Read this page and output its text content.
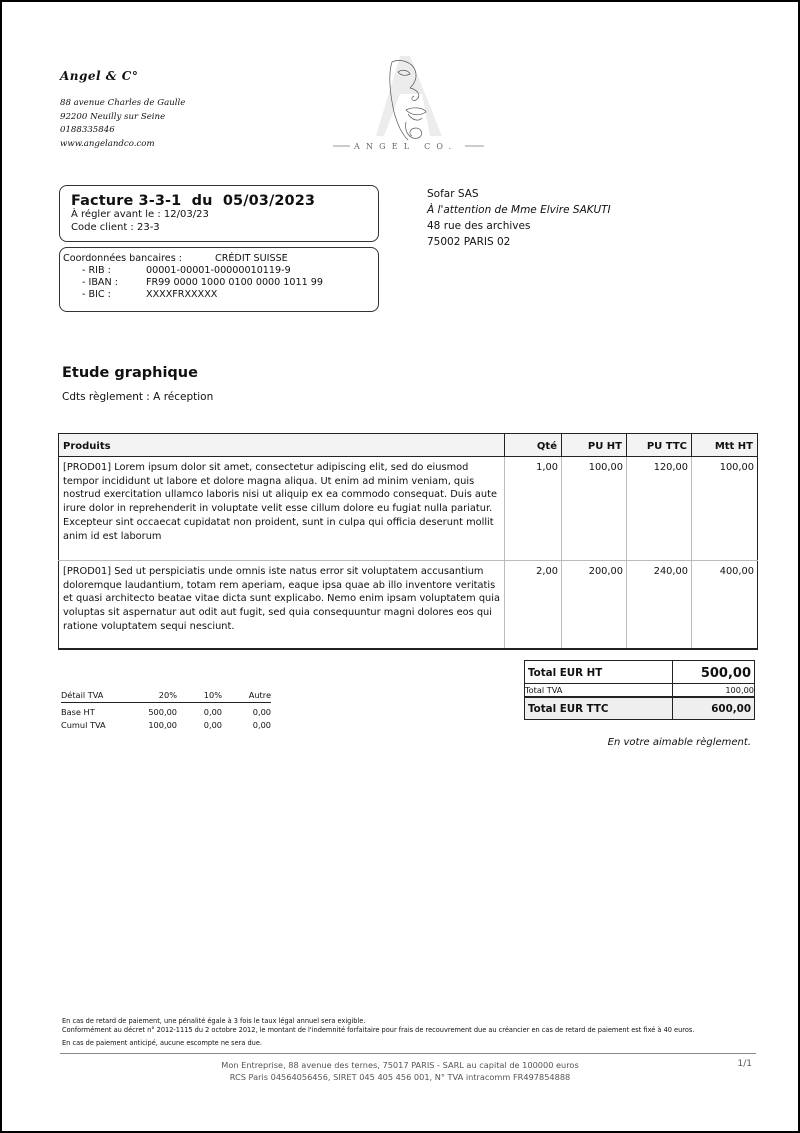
Angel & C°
88 avenue Charles de Gaulle
92200 Neuilly sur Seine
0188335846
www.angelandco.com	ANGEL CO.
Facture 3-3-1  du  05/03/2023
À régler avant le : 12/03/23
Code client : 23-3
Coordonnées bancaires :	CRÉDIT SUISSE
- RIB :	00001-00001-00000010119-9
- IBAN :	FR99 0000 1000 0100 0000 1011 99
- BIC :	XXXXFRXXXXX
Sofar SAS
À l'attention de Mme Elvire SAKUTI
48 rue des archives
75002 PARIS 02
Etude graphique
Cdts règlement : A réception
Produits	Qté	PU HT	PU TTC	Mtt HT
[PROD01] Lorem ipsum dolor sit amet, consectetur adipiscing elit, sed do eiusmod tempor incididunt ut labore et dolore magna aliqua. Ut enim ad minim veniam, quis nostrud exercitation ullamco laboris nisi ut aliquip ex ea commodo consequat. Duis aute irure dolor in reprehenderit in voluptate velit esse cillum dolore eu fugiat nulla pariatur. Excepteur sint occaecat cupidatat non proident, sunt in culpa qui officia deserunt mollit anim id est laborum	1,00	100,00	120,00	100,00
[PROD01] Sed ut perspiciatis unde omnis iste natus error sit voluptatem accusantium doloremque laudantium, totam rem aperiam, eaque ipsa quae ab illo inventore veritatis et quasi architecto beatae vitae dicta sunt explicabo. Nemo enim ipsam voluptatem quia voluptas sit aspernatur aut odit aut fugit, sed quia consequuntur magni dolores eos qui ratione voluptatem sequi nesciunt.	2,00	200,00	240,00	400,00
Total EUR HT	500,00
Total TVA	100,00
Total EUR TTC	600,00
En votre aimable règlement.
Détail TVA	20%	10%	Autre
Base HT	500,00	0,00	0,00
Cumul TVA	100,00	0,00	0,00
En cas de retard de paiement, une pénalité égale à 3 fois le taux légal annuel sera exigible.
Conformément au décret n° 2012-1115 du 2 octobre 2012, le montant de l'indemnité forfaitaire pour frais de recouvrement due au créancier en cas de retard de paiement est fixé à 40 euros.
En cas de paiement anticipé, aucune escompte ne sera due.
Mon Entreprise, 88 avenue des ternes, 75017 PARIS - SARL au capital de 100000 euros
RCS Paris 04564056456, SIRET 045 405 456 001, N° TVA intracomm FR497854888
1/1
